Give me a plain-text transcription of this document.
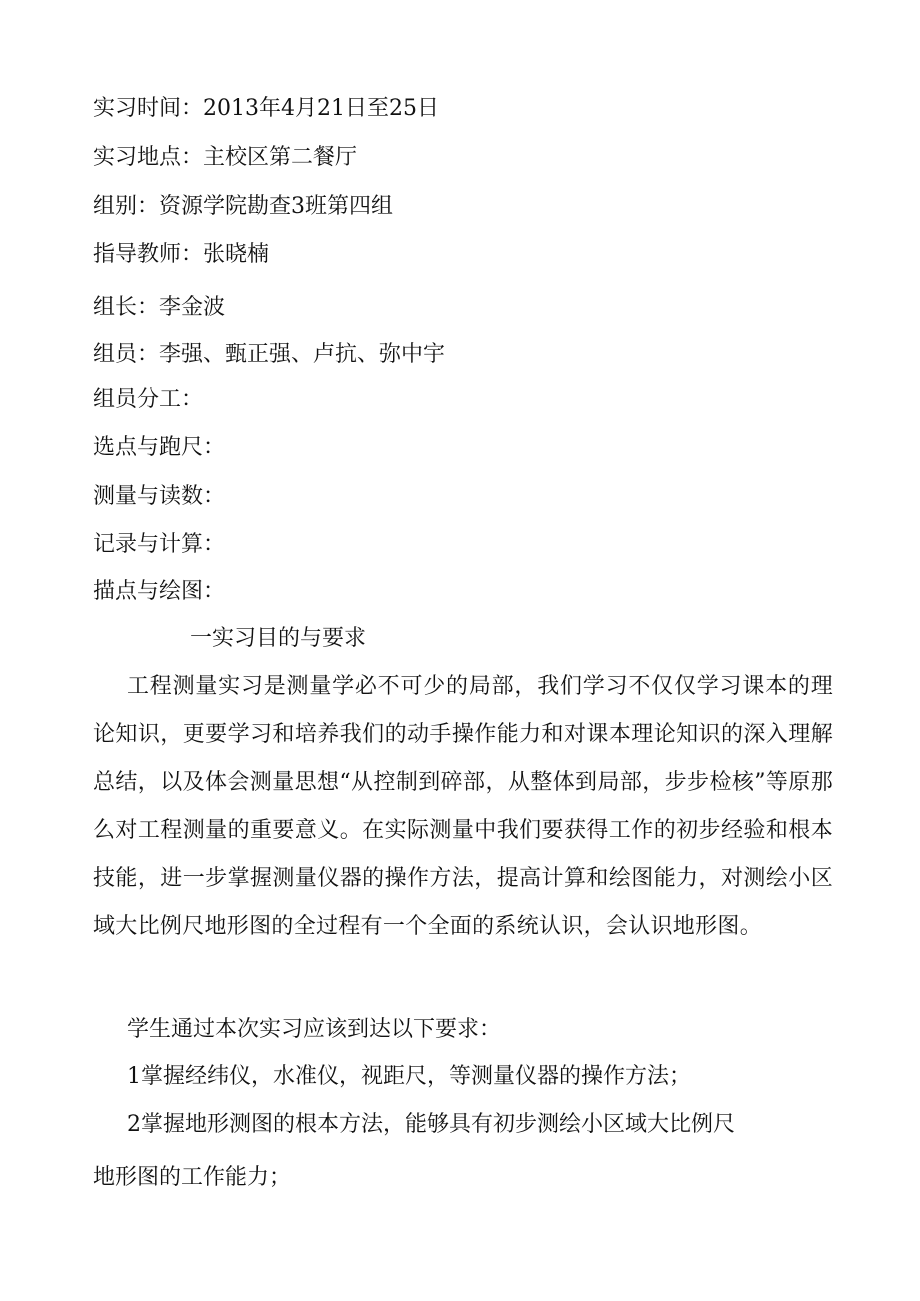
实习时间：2013年4月21日至25日
实习地点：主校区第二餐厅
组别：资源学院勘查3班第四组
指导教师：张晓楠
组长：李金波
组员：李强、甄正强、卢抗、弥中宇
组员分工：
选点与跑尺：
测量与读数：
记录与计算：
描点与绘图：
一实习目的与要求
工程测量实习是测量学必不可少的局部，我们学习不仅仅学习课本的理论知识，更要学习和培养我们的动手操作能力和对课本理论知识的深入理解总结，以及体会测量思想“从控制到碎部，从整体到局部，步步检核”等原那么对工程测量的重要意义。在实际测量中我们要获得工作的初步经验和根本技能，进一步掌握测量仪器的操作方法，提高计算和绘图能力，对测绘小区域大比例尺地形图的全过程有一个全面的系统认识，会认识地形图。
学生通过本次实习应该到达以下要求：
1掌握经纬仪，水准仪，视距尺，等测量仪器的操作方法；
2掌握地形测图的根本方法，能够具有初步测绘小区域大比例尺
地形图的工作能力；
